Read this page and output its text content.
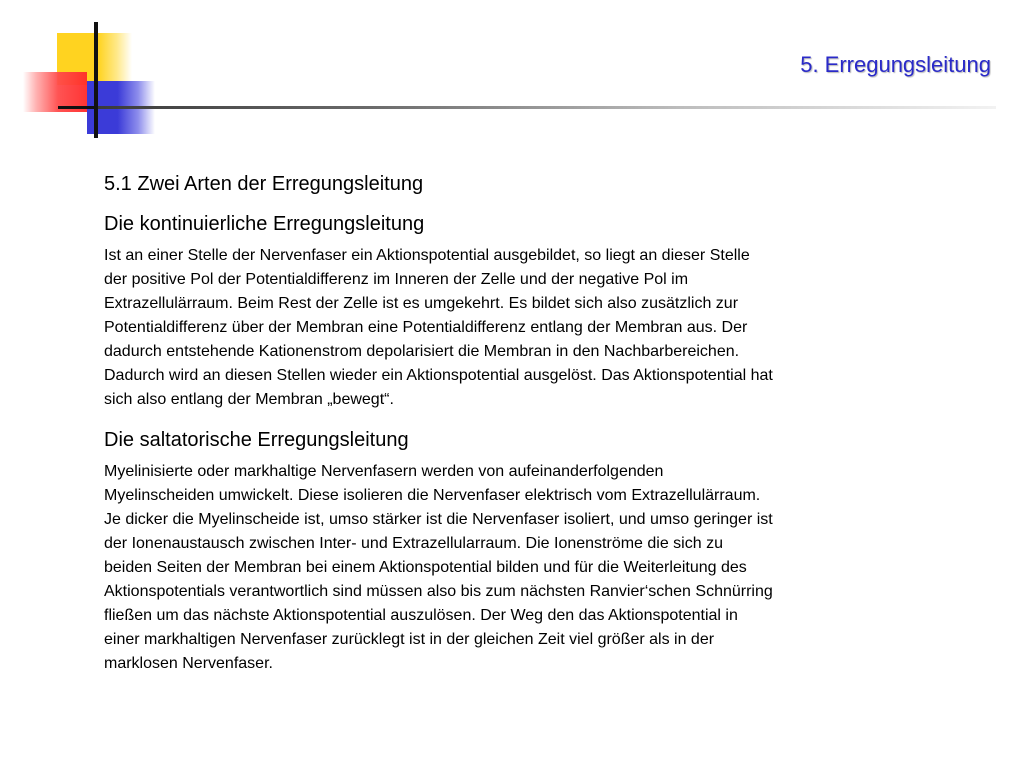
5. Erregungsleitung
5.1 Zwei Arten der Erregungsleitung
Die kontinuierliche Erregungsleitung
Ist an einer Stelle der Nervenfaser ein Aktionspotential ausgebildet, so liegt an dieser Stelle
der positive Pol der Potentialdifferenz im Inneren der Zelle und der negative Pol im
Extrazellulärraum. Beim Rest der Zelle ist es umgekehrt. Es bildet sich also zusätzlich zur
Potentialdifferenz über der Membran eine Potentialdifferenz entlang der Membran aus. Der
dadurch entstehende Kationenstrom depolarisiert die Membran in den Nachbarbereichen.
Dadurch wird an diesen Stellen wieder ein Aktionspotential ausgelöst. Das Aktionspotential hat
sich also entlang der Membran „bewegt“.
Die saltatorische Erregungsleitung
Myelinisierte oder markhaltige Nervenfasern werden von aufeinanderfolgenden
Myelinscheiden umwickelt. Diese isolieren die Nervenfaser elektrisch vom Extrazellulärraum.
Je dicker die Myelinscheide ist, umso stärker ist die Nervenfaser isoliert, und umso geringer ist
der Ionenaustausch zwischen Inter- und Extrazellularraum. Die Ionenströme die sich zu
beiden Seiten der Membran bei einem Aktionspotential bilden und für die Weiterleitung des
Aktionspotentials verantwortlich sind müssen also bis zum nächsten Ranvier‘schen Schnürring
fließen um das nächste Aktionspotential auszulösen. Der Weg den das Aktionspotential in
einer markhaltigen Nervenfaser zurücklegt ist in der gleichen Zeit viel größer als in der
marklosen Nervenfaser.
